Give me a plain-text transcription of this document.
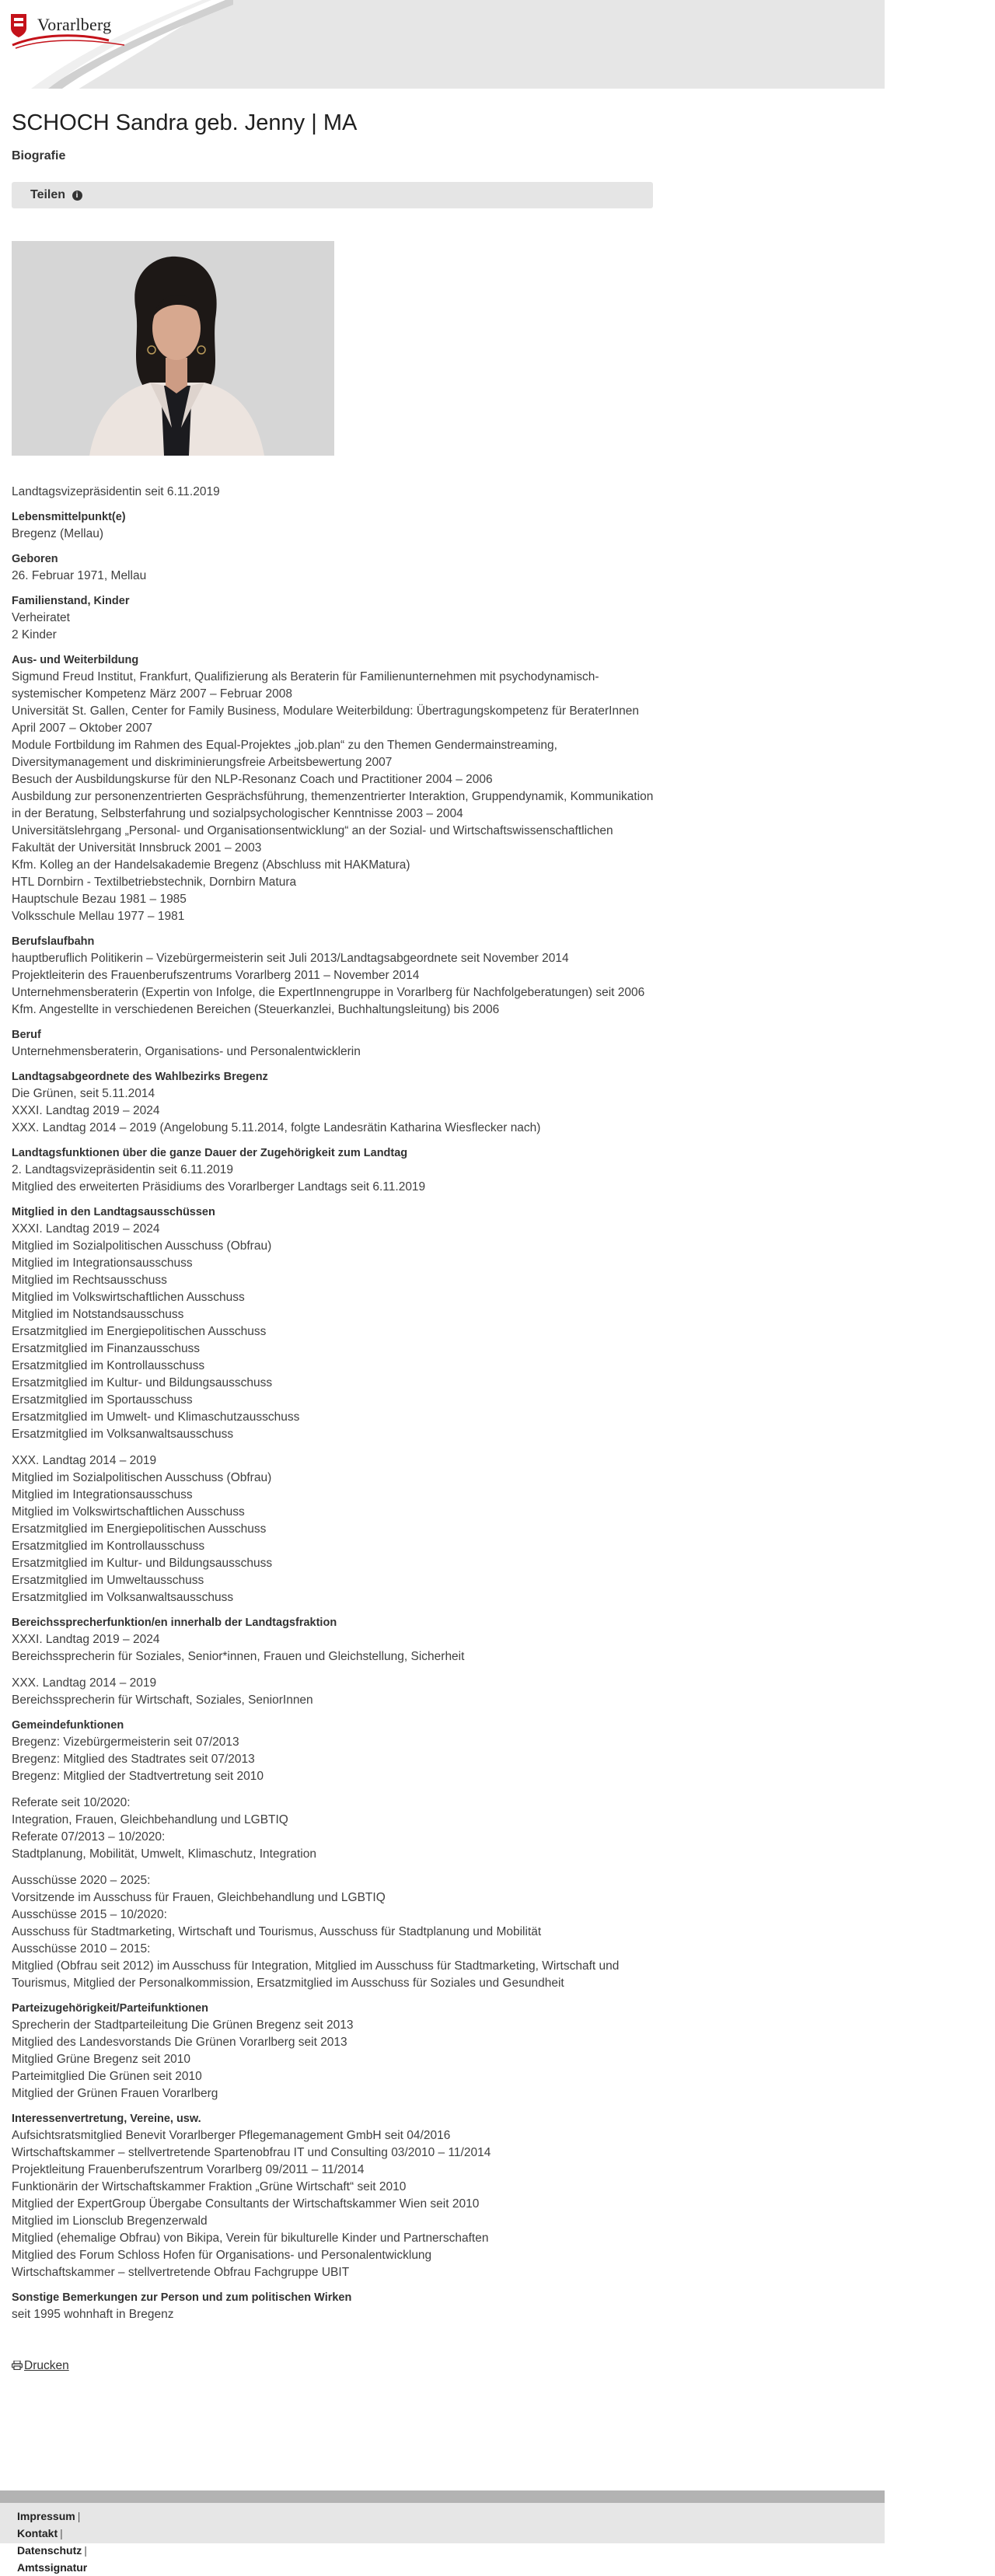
Vorarlberg
SCHOCH Sandra geb. Jenny | MA
Biografie
Teilen i

Landtagsvizepräsidentin seit 6.11.2019

Lebensmittelpunkt(e)

Bregenz (Mellau)

Geboren

26. Februar 1971, Mellau

Familienstand, Kinder

Verheiratet

2 Kinder

Aus- und Weiterbildung

Sigmund Freud Institut, Frankfurt, Qualifizierung als Beraterin für Familienunternehmen mit psychodynamisch-systemischer Kompetenz März 2007 – Februar 2008

Universität St. Gallen, Center for Family Business, Modulare Weiterbildung: Übertragungskompetenz für BeraterInnen April 2007 – Oktober 2007

Module Fortbildung im Rahmen des Equal-Projektes „job.plan“ zu den Themen Gendermainstreaming, Diversitymanagement und diskriminierungsfreie Arbeitsbewertung 2007

Besuch der Ausbildungskurse für den NLP-Resonanz Coach und Practitioner 2004 – 2006

Ausbildung zur personenzentrierten Gesprächsführung, themenzentrierter Interaktion, Gruppendynamik, Kommunikation in der Beratung, Selbsterfahrung und sozialpsychologischer Kenntnisse 2003 – 2004

Universitätslehrgang „Personal- und Organisationsentwicklung“ an der Sozial- und Wirtschaftswissenschaftlichen Fakultät der Universität Innsbruck 2001 – 2003

Kfm. Kolleg an der Handelsakademie Bregenz (Abschluss mit HAKMatura)

HTL Dornbirn - Textilbetriebstechnik, Dornbirn Matura

Hauptschule Bezau 1981 – 1985

Volksschule Mellau 1977 – 1981

Berufslaufbahn

hauptberuflich Politikerin – Vizebürgermeisterin seit Juli 2013/Landtagsabgeordnete seit November 2014

Projektleiterin des Frauenberufszentrums Vorarlberg 2011 – November 2014

Unternehmensberaterin (Expertin von Infolge, die ExpertInnengruppe in Vorarlberg für Nachfolgeberatungen) seit 2006

Kfm. Angestellte in verschiedenen Bereichen (Steuerkanzlei, Buchhaltungsleitung) bis 2006

Beruf

Unternehmensberaterin, Organisations- und Personalentwicklerin

Landtagsabgeordnete des Wahlbezirks Bregenz

Die Grünen, seit 5.11.2014

XXXI. Landtag 2019 – 2024

XXX. Landtag 2014 – 2019 (Angelobung 5.11.2014, folgte Landesrätin Katharina Wiesflecker nach)

Landtagsfunktionen über die ganze Dauer der Zugehörigkeit zum Landtag

2. Landtagsvizepräsidentin seit 6.11.2019

Mitglied des erweiterten Präsidiums des Vorarlberger Landtags seit 6.11.2019

Mitglied in den Landtagsausschüssen

XXXI. Landtag 2019 – 2024

Mitglied im Sozialpolitischen Ausschuss (Obfrau)

Mitglied im Integrationsausschuss

Mitglied im Rechtsausschuss

Mitglied im Volkswirtschaftlichen Ausschuss

Mitglied im Notstandsausschuss

Ersatzmitglied im Energiepolitischen Ausschuss

Ersatzmitglied im Finanzausschuss

Ersatzmitglied im Kontrollausschuss

Ersatzmitglied im Kultur- und Bildungsausschuss

Ersatzmitglied im Sportausschuss

Ersatzmitglied im Umwelt- und Klimaschutzausschuss

Ersatzmitglied im Volksanwaltsausschuss

XXX. Landtag 2014 – 2019

Mitglied im Sozialpolitischen Ausschuss (Obfrau)

Mitglied im Integrationsausschuss

Mitglied im Volkswirtschaftlichen Ausschuss

Ersatzmitglied im Energiepolitischen Ausschuss

Ersatzmitglied im Kontrollausschuss

Ersatzmitglied im Kultur- und Bildungsausschuss

Ersatzmitglied im Umweltausschuss

Ersatzmitglied im Volksanwaltsausschuss

Bereichssprecherfunktion/en innerhalb der Landtagsfraktion

XXXI. Landtag 2019 – 2024

Bereichssprecherin für Soziales, Senior*innen, Frauen und Gleichstellung, Sicherheit

XXX. Landtag 2014 – 2019

Bereichssprecherin für Wirtschaft, Soziales, SeniorInnen

Gemeindefunktionen

Bregenz: Vizebürgermeisterin seit 07/2013

Bregenz: Mitglied des Stadtrates seit 07/2013

Bregenz: Mitglied der Stadtvertretung seit 2010

Referate seit 10/2020:

Integration, Frauen, Gleichbehandlung und LGBTIQ

Referate 07/2013 – 10/2020:

Stadtplanung, Mobilität, Umwelt, Klimaschutz, Integration

Ausschüsse 2020 – 2025:

Vorsitzende im Ausschuss für Frauen, Gleichbehandlung und LGBTIQ

Ausschüsse 2015 – 10/2020:

Ausschuss für Stadtmarketing, Wirtschaft und Tourismus, Ausschuss für Stadtplanung und Mobilität

Ausschüsse 2010 – 2015:

Mitglied (Obfrau seit 2012) im Ausschuss für Integration, Mitglied im Ausschuss für Stadtmarketing, Wirtschaft und Tourismus, Mitglied der Personalkommission, Ersatzmitglied im Ausschuss für Soziales und Gesundheit

Parteizugehörigkeit/Parteifunktionen

Sprecherin der Stadtparteileitung Die Grünen Bregenz seit 2013

Mitglied des Landesvorstands Die Grünen Vorarlberg seit 2013

Mitglied Grüne Bregenz seit 2010

Parteimitglied Die Grünen seit 2010

Mitglied der Grünen Frauen Vorarlberg

Interessenvertretung, Vereine, usw.

Aufsichtsratsmitglied Benevit Vorarlberger Pflegemanagement GmbH seit 04/2016

Wirtschaftskammer – stellvertretende Spartenobfrau IT und Consulting 03/2010 – 11/2014

Projektleitung Frauenberufszentrum Vorarlberg 09/2011 – 11/2014

Funktionärin der Wirtschaftskammer Fraktion „Grüne Wirtschaft“ seit 2010

Mitglied der ExpertGroup Übergabe Consultants der Wirtschaftskammer Wien seit 2010

Mitglied im Lionsclub Bregenzerwald

Mitglied (ehemalige Obfrau) von Bikipa, Verein für bikulturelle Kinder und Partnerschaften

Mitglied des Forum Schloss Hofen für Organisations- und Personalentwicklung

Wirtschaftskammer – stellvertretende Obfrau Fachgruppe UBIT

Sonstige Bemerkungen zur Person und zum politischen Wirken

seit 1995 wohnhaft in Bregenz

Drucken
Impressum |
Kontakt |
Datenschutz |
Amtssignatur
